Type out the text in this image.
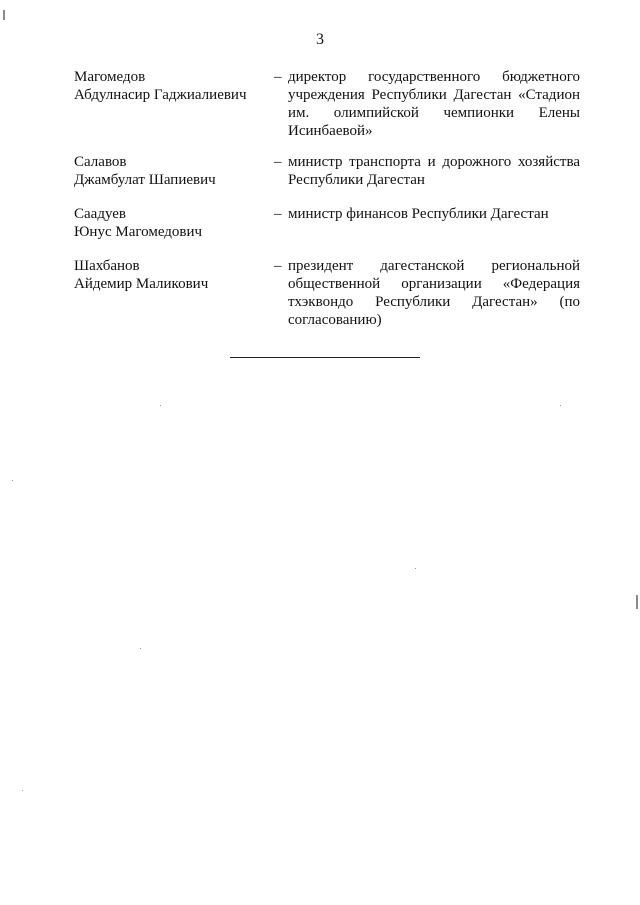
3
Магомедов
Абдулнасир Гаджиалиевич
– директор государственного бюджетного
учреждения Республики Дагестан «Стадион
им. олимпийской чемпионки Елены
Исинбаевой»
Салавов
Джамбулат Шапиевич
– министр транспорта и дорожного хозяйства
Республики Дагестан
Саадуев
Юнус Магомедович
– министр финансов Республики Дагестан
Шахбанов
Айдемир Маликович
– президент дагестанской региональной
общественной организации «Федерация
тхэквондо Республики Дагестан» (по
согласованию)
